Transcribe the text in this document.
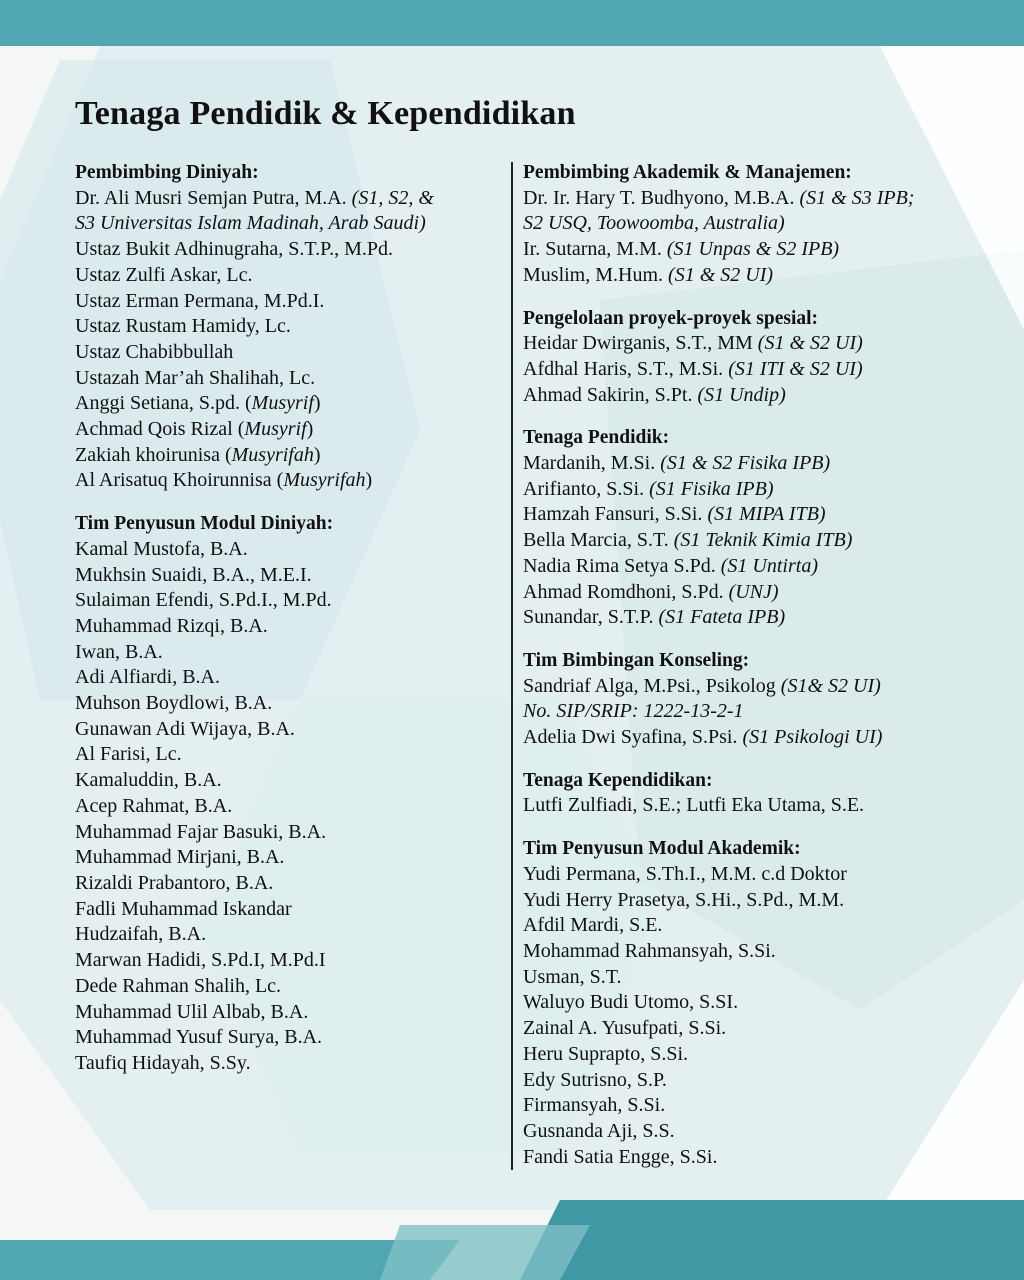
Tenaga Pendidik & Kependidikan
Pembimbing Diniyah:
Dr. Ali Musri Semjan Putra, M.A. (S1, S2, &
S3 Universitas Islam Madinah, Arab Saudi)
Ustaz Bukit Adhinugraha, S.T.P., M.Pd.
Ustaz Zulfi Askar, Lc.
Ustaz Erman Permana, M.Pd.I.
Ustaz Rustam Hamidy, Lc.
Ustaz Chabibbullah
Ustazah Mar’ah Shalihah, Lc.
Anggi Setiana, S.pd. (Musyrif)
Achmad Qois Rizal (Musyrif)
Zakiah khoirunisa (Musyrifah)
Al Arisatuq Khoirunnisa (Musyrifah)
Tim Penyusun Modul Diniyah:
Kamal Mustofa, B.A.
Mukhsin Suaidi, B.A., M.E.I.
Sulaiman Efendi, S.Pd.I., M.Pd.
Muhammad Rizqi, B.A.
Iwan, B.A.
Adi Alfiardi, B.A.
Muhson Boydlowi, B.A.
Gunawan Adi Wijaya, B.A.
Al Farisi, Lc.
Kamaluddin, B.A.
Acep Rahmat, B.A.
Muhammad Fajar Basuki, B.A.
Muhammad Mirjani, B.A.
Rizaldi Prabantoro, B.A.
Fadli Muhammad Iskandar
Hudzaifah, B.A.
Marwan Hadidi, S.Pd.I, M.Pd.I
Dede Rahman Shalih, Lc.
Muhammad Ulil Albab, B.A.
Muhammad Yusuf Surya, B.A.
Taufiq Hidayah, S.Sy.
Pembimbing Akademik & Manajemen:
Dr. Ir. Hary T. Budhyono, M.B.A. (S1 & S3 IPB;
S2 USQ, Toowoomba, Australia)
Ir. Sutarna, M.M. (S1 Unpas & S2 IPB)
Muslim, M.Hum. (S1 & S2 UI)
Pengelolaan proyek-proyek spesial:
Heidar Dwirganis, S.T., MM (S1 & S2 UI)
Afdhal Haris, S.T., M.Si. (S1 ITI & S2 UI)
Ahmad Sakirin, S.Pt. (S1 Undip)
Tenaga Pendidik:
Mardanih, M.Si. (S1 & S2 Fisika IPB)
Arifianto, S.Si. (S1 Fisika IPB)
Hamzah Fansuri, S.Si. (S1 MIPA ITB)
Bella Marcia, S.T. (S1 Teknik Kimia ITB)
Nadia Rima Setya S.Pd. (S1 Untirta)
Ahmad Romdhoni, S.Pd. (UNJ)
Sunandar, S.T.P. (S1 Fateta IPB)
Tim Bimbingan Konseling:
Sandriaf Alga, M.Psi., Psikolog (S1& S2 UI)
No. SIP/SRIP: 1222-13-2-1
Adelia Dwi Syafina, S.Psi. (S1 Psikologi UI)
Tenaga Kependidikan:
Lutfi Zulfiadi, S.E.; Lutfi Eka Utama, S.E.
Tim Penyusun Modul Akademik:
Yudi Permana, S.Th.I., M.M. c.d Doktor
Yudi Herry Prasetya, S.Hi., S.Pd., M.M.
Afdil Mardi, S.E.
Mohammad Rahmansyah, S.Si.
Usman, S.T.
Waluyo Budi Utomo, S.SI.
Zainal A. Yusufpati, S.Si.
Heru Suprapto, S.Si.
Edy Sutrisno, S.P.
Firmansyah, S.Si.
Gusnanda Aji, S.S.
Fandi Satia Engge, S.Si.
